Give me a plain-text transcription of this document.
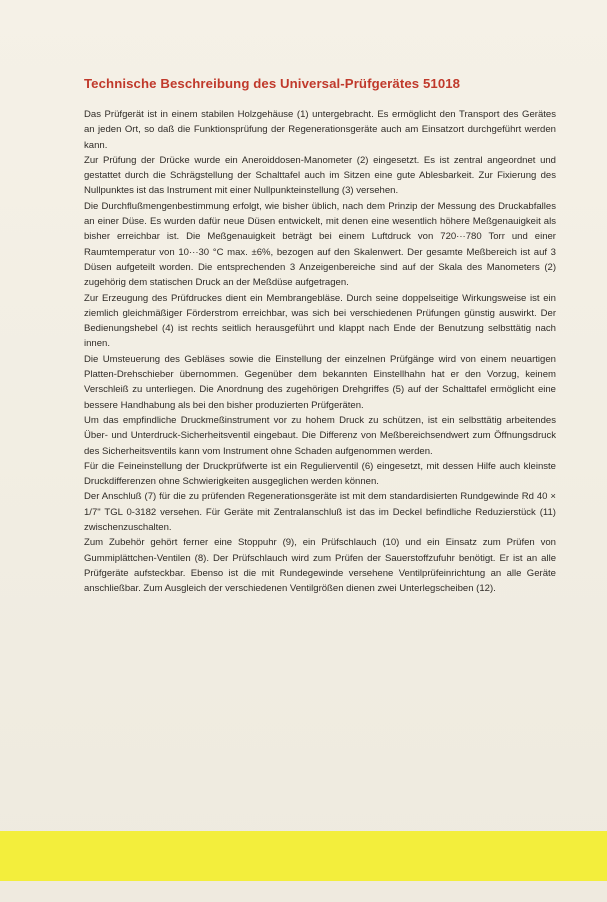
Technische Beschreibung des Universal-Prüfgerätes 51018

Das Prüfgerät ist in einem stabilen Holzgehäuse (1) untergebracht. Es ermöglicht den Transport des Gerätes an jeden Ort, so daß die Funktionsprüfung der Regenerationsgeräte auch am Einsatzort durchgeführt werden kann.

Zur Prüfung der Drücke wurde ein Aneroiddosen-Manometer (2) eingesetzt. Es ist zentral angeordnet und gestattet durch die Schrägstellung der Schalttafel auch im Sitzen eine gute Ablesbarkeit. Zur Fixierung des Nullpunktes ist das Instrument mit einer Nullpunkteinstellung (3) versehen.

Die Durchflußmengenbestimmung erfolgt, wie bisher üblich, nach dem Prinzip der Messung des Druckabfalles an einer Düse. Es wurden dafür neue Düsen entwickelt, mit denen eine wesentlich höhere Meßgenauigkeit als bisher erreichbar ist. Die Meßgenauigkeit beträgt bei einem Luftdruck von 720···780 Torr und einer Raumtemperatur von 10···30 °C max. ±6%, bezogen auf den Skalenwert. Der gesamte Meßbereich ist auf 3 Düsen aufgeteilt worden. Die entsprechenden 3 Anzeigenbereiche sind auf der Skala des Manometers (2) zugehörig dem statischen Druck an der Meßdüse aufgetragen.

Zur Erzeugung des Prüfdruckes dient ein Membrangebläse. Durch seine doppelseitige Wirkungsweise ist ein ziemlich gleichmäßiger Förderstrom erreichbar, was sich bei verschiedenen Prüfungen günstig auswirkt. Der Bedienungshebel (4) ist rechts seitlich herausgeführt und klappt nach Ende der Benutzung selbsttätig nach innen.

Die Umsteuerung des Gebläses sowie die Einstellung der einzelnen Prüfgänge wird von einem neuartigen Platten-Drehschieber übernommen. Gegenüber dem bekannten Einstellhahn hat er den Vorzug, keinem Verschleiß zu unterliegen. Die Anordnung des zugehörigen Drehgriffes (5) auf der Schalttafel ermöglicht eine bessere Handhabung als bei den bisher produzierten Prüfgeräten.

Um das empfindliche Druckmeßinstrument vor zu hohem Druck zu schützen, ist ein selbsttätig arbeitendes Über- und Unterdruck-Sicherheitsventil eingebaut. Die Differenz von Meßbereichsendwert zum Öffnungsdruck des Sicherheitsventils kann vom Instrument ohne Schaden aufgenommen werden.

Für die Feineinstellung der Druckprüfwerte ist ein Regulierventil (6) eingesetzt, mit dessen Hilfe auch kleinste Druckdifferenzen ohne Schwierigkeiten ausgeglichen werden können.

Der Anschluß (7) für die zu prüfenden Regenerationsgeräte ist mit dem standardisierten Rundgewinde Rd 40 × 1/7" TGL 0-3182 versehen. Für Geräte mit Zentralanschluß ist das im Deckel befindliche Reduzierstück (11) zwischenzuschalten.

Zum Zubehör gehört ferner eine Stoppuhr (9), ein Prüfschlauch (10) und ein Einsatz zum Prüfen von Gummiplättchen-Ventilen (8). Der Prüfschlauch wird zum Prüfen der Sauerstoffzufuhr benötigt. Er ist an alle Prüfgeräte aufsteckbar. Ebenso ist die mit Rundegewinde versehene Ventilprüfeinrichtung an alle Geräte anschließbar. Zum Ausgleich der verschiedenen Ventilgrößen dienen zwei Unterlegscheiben (12).
